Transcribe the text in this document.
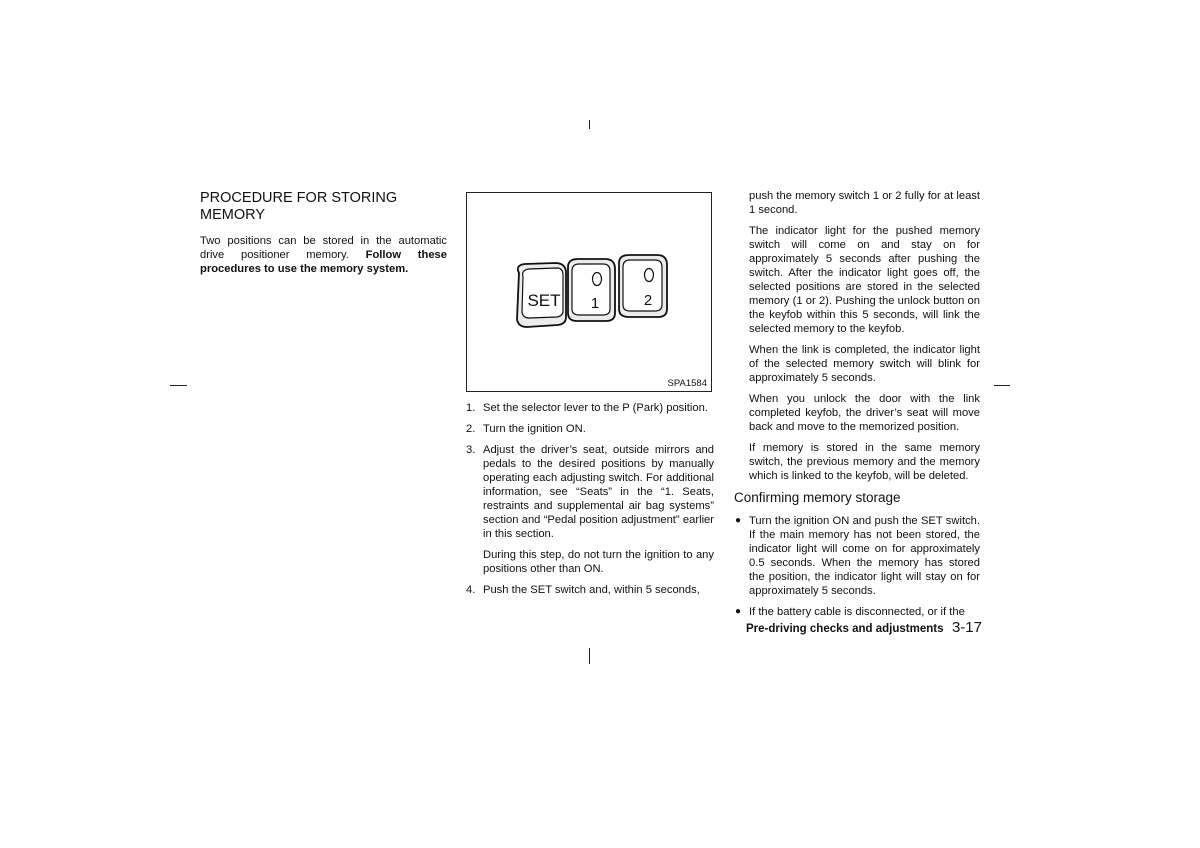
PROCEDURE FOR STORING
MEMORY

Two positions can be stored in the automatic drive positioner memory. Follow these procedures to use the memory system.

SET 1	2
SPA1584
1. Set the selector lever to the P (Park) position.

2. Turn the ignition ON.

3. Adjust the driver’s seat, outside mirrors and pedals to the desired positions by manually operating each adjusting switch. For additional information, see “Seats” in the “1. Seats, restraints and supplemental air bag systems” section and “Pedal position adjustment” earlier in this section.

During this step, do not turn the ignition to any positions other than ON.

4. Push the SET switch and, within 5 seconds,

push the memory switch 1 or 2 fully for at least 1 second.

The indicator light for the pushed memory switch will come on and stay on for approximately 5 seconds after pushing the switch. After the indicator light goes off, the selected positions are stored in the selected memory (1 or 2). Pushing the unlock button on the keyfob within this 5 seconds, will link the selected memory to the keyfob.

When the link is completed, the indicator light of the selected memory switch will blink for approximately 5 seconds.

When you unlock the door with the link completed keyfob, the driver’s seat will move back and move to the memorized position.

If memory is stored in the same memory switch, the previous memory and the memory which is linked to the keyfob, will be deleted.

Confirming memory storage
● Turn the ignition ON and push the SET switch. If the main memory has not been stored, the indicator light will come on for approximately 0.5 seconds. When the memory has stored the position, the indicator light will stay on for approximately 5 seconds.
● If the battery cable is disconnected, or if the
Pre-driving checks and adjustments 3-17
